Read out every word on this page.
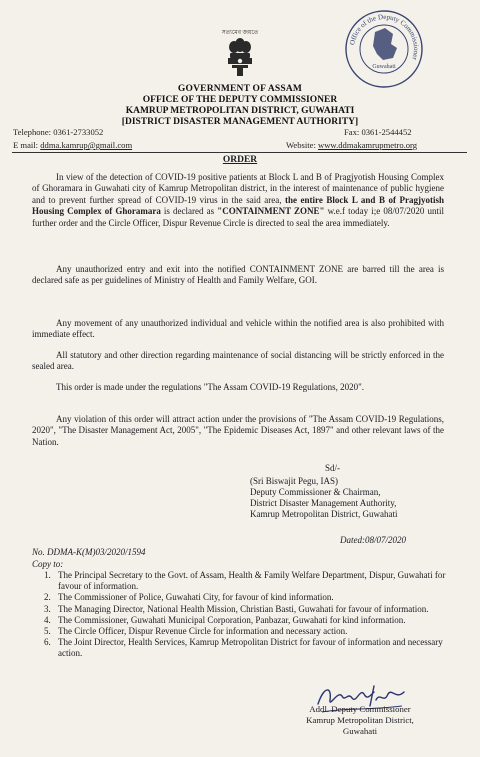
সত্যমেব জয়তে
Office of the Deputy Commissioner
Guwahati
GOVERNMENT OF ASSAM
OFFICE OF THE DEPUTY COMMISSIONER
KAMRUP METROPOLITAN DISTRICT, GUWAHATI
[DISTRICT DISASTER MANAGEMENT AUTHORITY]
Telephone: 0361-2733052	Fax: 0361-2544452
E mail: ddma.kamrup@gmail.com	Website: www.ddmakamrupmetro.org
ORDER
In view of the detection of COVID-19 positive patients at Block L and B of Pragjyotish Housing Complex of Ghoramara in Guwahati city of Kamrup Metropolitan district, in the interest of maintenance of public hygiene and to prevent further spread of COVID-19 virus in the said area, the entire Block L and B of Pragjyotish Housing Complex of Ghoramara is declared as "CONTAINMENT ZONE" w.e.f today i;e 08/07/2020 until further order and the Circle Officer, Dispur Revenue Circle is directed to seal the area immediately.
Any unauthorized entry and exit into the notified CONTAINMENT ZONE are barred till the area is declared safe as per guidelines of Ministry of Health and Family Welfare, GOI.
Any movement of any unauthorized individual and vehicle within the notified area is also prohibited with immediate effect.
All statutory and other direction regarding maintenance of social distancing will be strictly enforced in the sealed area.
This order is made under the regulations "The Assam COVID-19 Regulations, 2020".
Any violation of this order will attract action under the provisions of "The Assam COVID-19 Regulations, 2020", "The Disaster Management Act, 2005", "The Epidemic Diseases Act, 1897" and other relevant laws of the Nation.
Sd/-
(Sri Biswajit Pegu, IAS)
Deputy Commissioner & Chairman,
District Disaster Management Authority,
Kamrup Metropolitan District, Guwahati
Dated:08/07/2020
No. DDMA-K(M)03/2020/1594
Copy to:
1. The Principal Secretary to the Govt. of Assam, Health & Family Welfare Department, Dispur, Guwahati for favour of information.
2. The Commissioner of Police, Guwahati City, for favour of kind information.
3. The Managing Director, National Health Mission, Christian Basti, Guwahati for favour of information.
4. The Commissioner, Guwahati Municipal Corporation, Panbazar, Guwahati for kind information.
5. The Circle Officer, Dispur Revenue Circle for information and necessary action.
6. The Joint Director, Health Services, Kamrup Metropolitan District for favour of information and necessary action.
Addl. Deputy Commissioner
Kamrup Metropolitan District,
Guwahati
